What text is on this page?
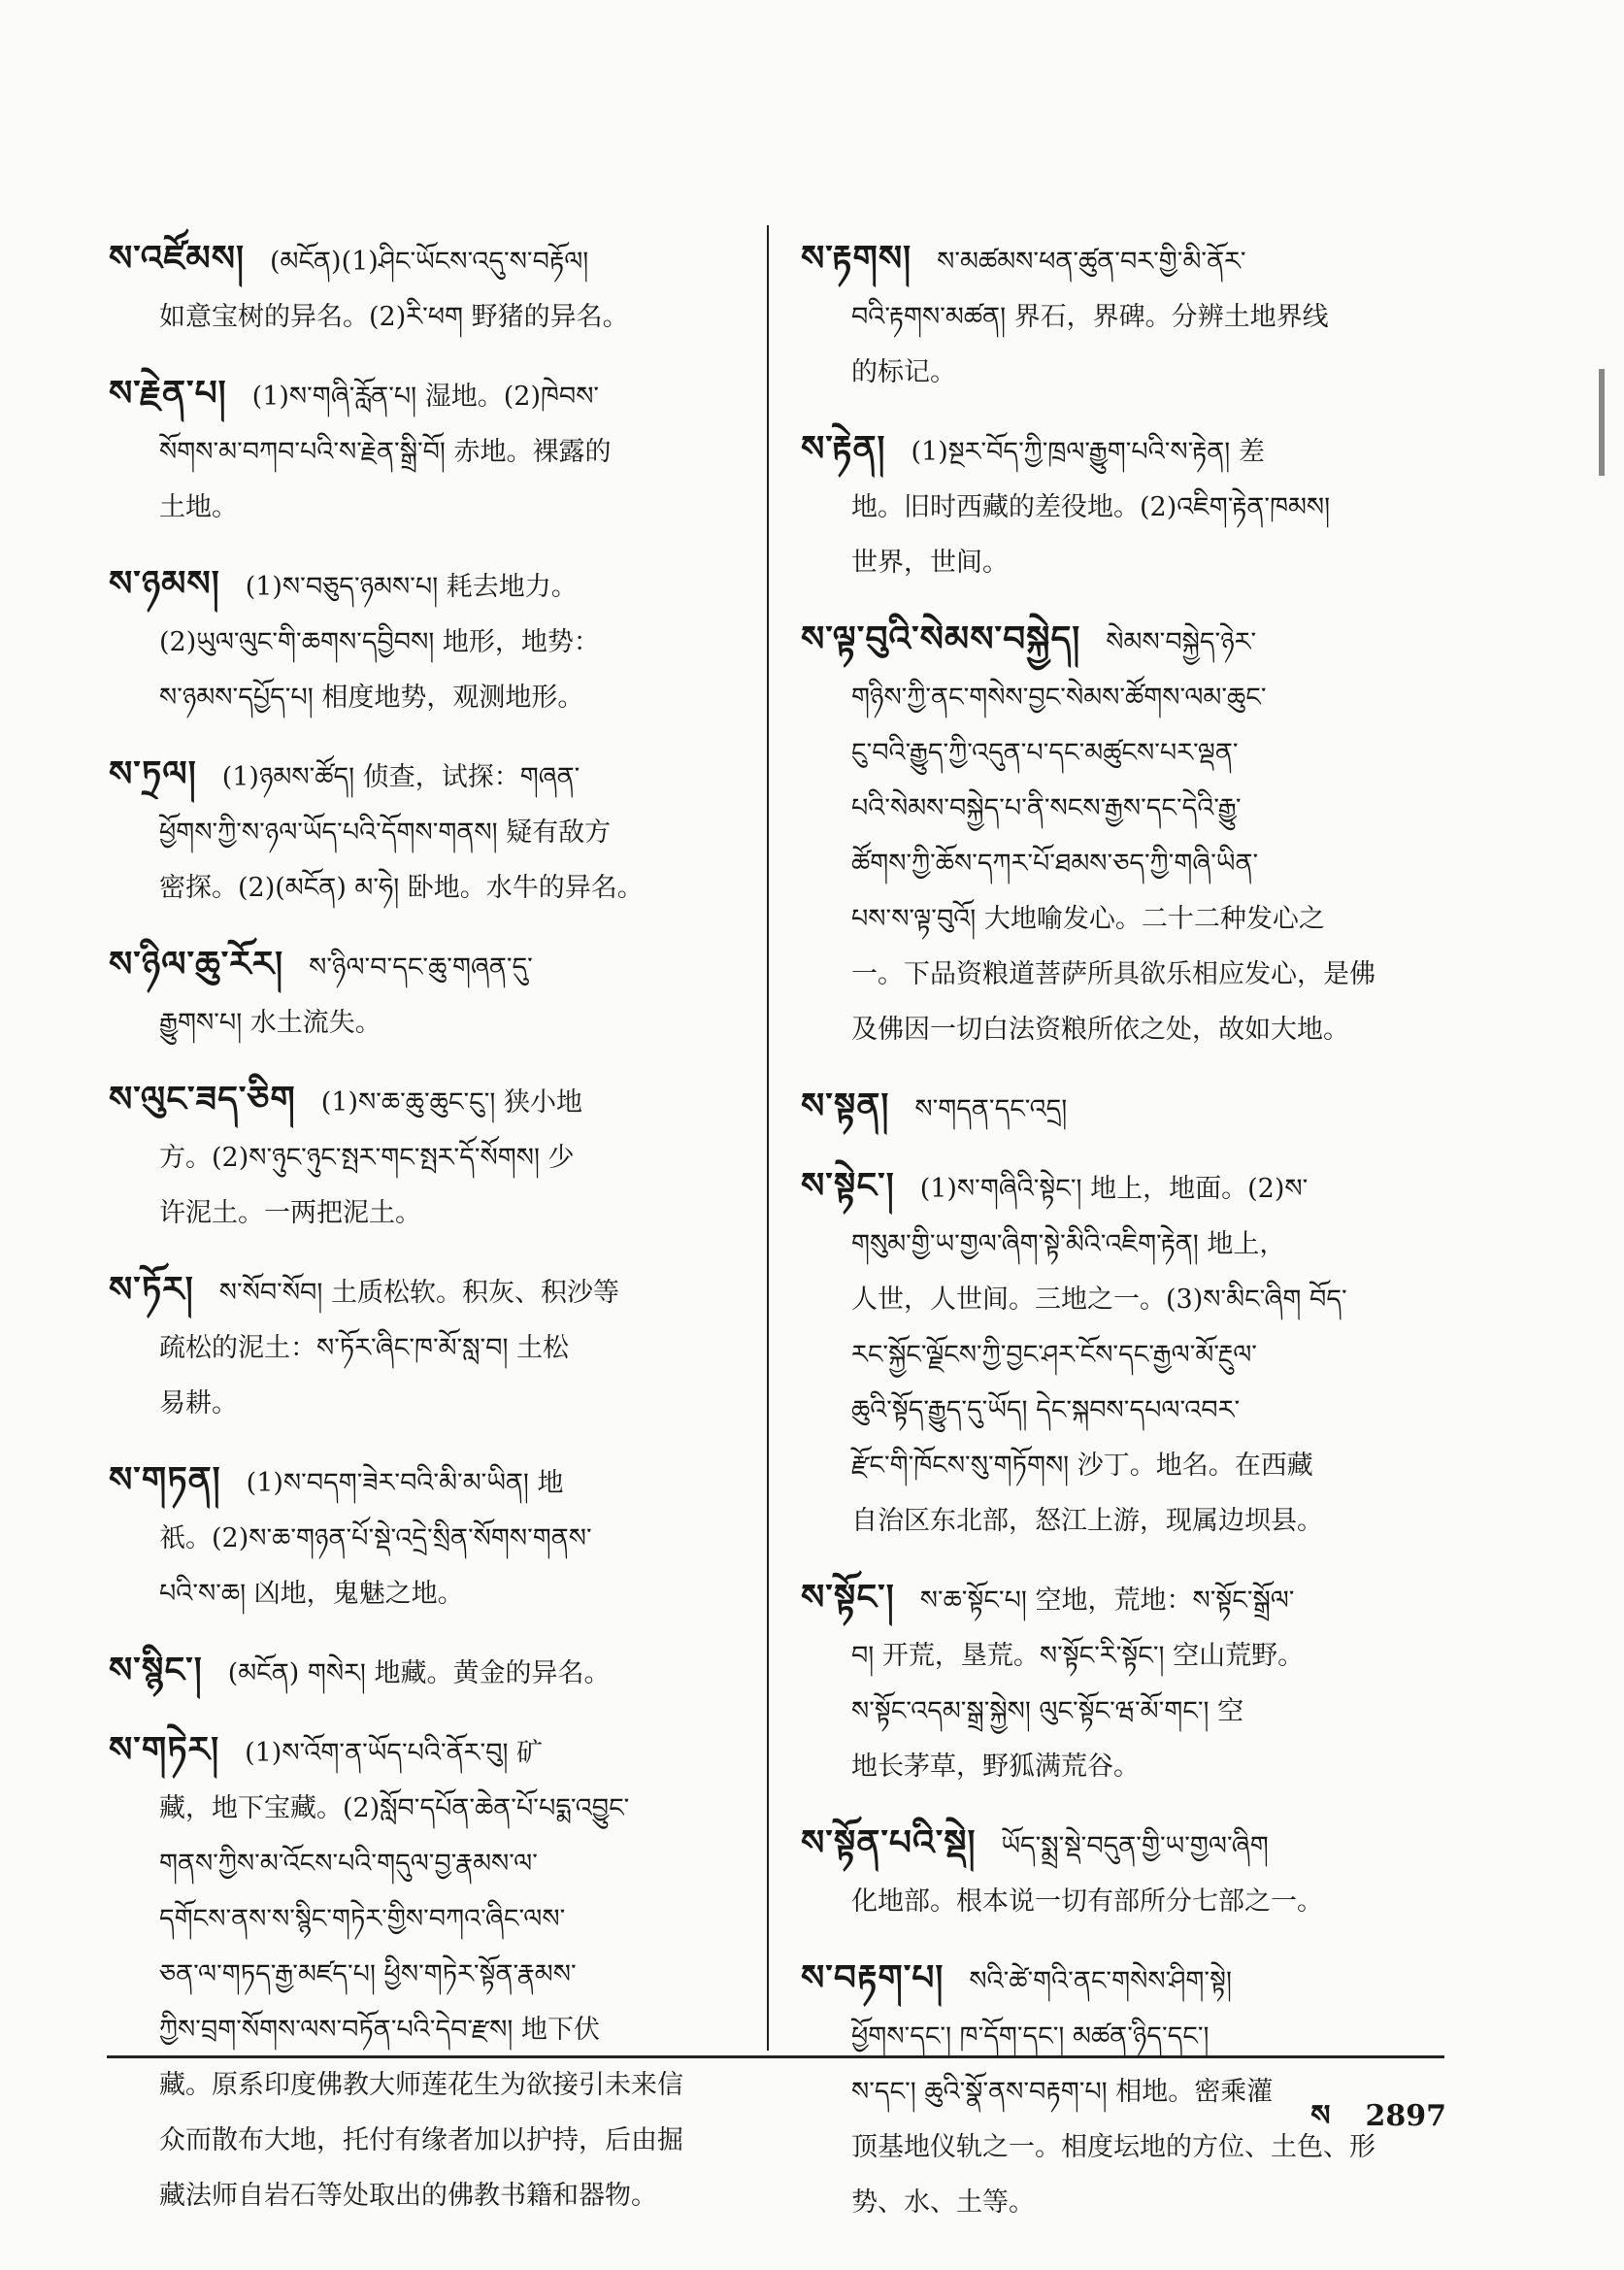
ས་འཛོམས། (མངོན)(1)ཤིང་ཡོངས་འདུ་ས་བརྟོལ།

如意宝树的异名。(2)རི་ཕག 野猪的异名。

ས་རྗེན་པ། (1)ས་གཞི་རློན་པ། 湿地。(2)ཁེབས་

སོགས་མ་བཀབ་པའི་ས་རྗེན་སྒྲི་བོ། 赤地。裸露的

土地。

ས་ཉམས། (1)ས་བཅུད་ཉམས་པ། 耗去地力。

(2)ཡུལ་ལུང་གི་ཆགས་དབྱིབས། 地形，地势：

ས་ཉམས་དཔྱོད་པ། 相度地势，观测地形。

ས་ཏྲལ། (1)ཉམས་ཚོད། 侦查，试探：གཞན་

ཕྱོགས་ཀྱི་ས་ཉལ་ཡོད་པའི་དོགས་གནས། 疑有敌方

密探。(2)(མངོན) མ་ཧེ། 卧地。水牛的异名。

ས་ཉིལ་ཆུ་རོར། ས་ཉིལ་བ་དང་ཆུ་གཞན་དུ་

རྒྱུགས་པ། 水土流失。

ས་ལུང་ཟད་ཅིག (1)ས་ཆ་ཆུ་ཆུང་ངུ་། 狭小地

方。(2)ས་ཉུང་ཉུང་སྤར་གང་སྤར་དོ་སོགས། 少

许泥土。一两把泥土。

ས་ཏོར། ས་སོབ་སོབ། 土质松软。积灰、积沙等

疏松的泥土：ས་ཏོར་ཞིང་ཁ་མོ་སླ་བ། 土松

易耕。

ས་གཏན། (1)ས་བདག་ཟེར་བའི་མི་མ་ཡིན། 地

祇。(2)ས་ཆ་གཉན་པོ་སྡེ་འདྲེ་སྲིན་སོགས་གནས་

པའི་ས་ཆ། 凶地，鬼魅之地。

ས་སྙིང་། (མངོན) གསེར། 地藏。黄金的异名。

ས་གཏེར། (1)ས་འོག་ན་ཡོད་པའི་ནོར་བུ། 矿

藏，地下宝藏。(2)སློབ་དཔོན་ཆེན་པོ་པདྨ་འབྱུང་

གནས་ཀྱིས་མ་འོངས་པའི་གདུལ་བྱ་རྣམས་ལ་

དགོངས་ནས་ས་སྙིང་གཏེར་གྱིས་བཀའ་ཞིང་ལས་

ཅན་ལ་གཏད་རྒྱ་མཛད་པ། ཕྱིས་གཏེར་སྟོན་རྣམས་

ཀྱིས་བྲག་སོགས་ལས་བཏོན་པའི་དེབ་རྫས། 地下伏

藏。原系印度佛教大师莲花生为欲接引未来信

众而散布大地，托付有缘者加以护持，后由掘

藏法师自岩石等处取出的佛教书籍和器物。

ས་རྟགས། ས་མཚམས་ཕན་ཚུན་བར་གྱི་མི་ནོར་

བའི་རྟགས་མཚན། 界石，界碑。分辨土地界线

的标记。

ས་རྟེན། (1)སྔར་བོད་ཀྱི་ཁྲལ་རྒྱུག་པའི་ས་རྟེན། 差

地。旧时西藏的差役地。(2)འཇིག་རྟེན་ཁམས།

世界，世间。

ས་ལྟ་བུའི་སེམས་བསྐྱེད། སེམས་བསྐྱེད་ཉེར་

གཉིས་ཀྱི་ནང་གསེས་བྱང་སེམས་ཚོགས་ལམ་ཆུང་

ངུ་བའི་རྒྱུད་ཀྱི་འདུན་པ་དང་མཚུངས་པར་ལྡན་

པའི་སེམས་བསྐྱེད་པ་ནི་སངས་རྒྱས་དང་དེའི་རྒྱུ་

ཚོགས་ཀྱི་ཆོས་དཀར་པོ་ཐམས་ཅད་ཀྱི་གཞི་ཡིན་

པས་ས་ལྟ་བུའོ། 大地喻发心。二十二种发心之

一。下品资粮道菩萨所具欲乐相应发心，是佛

及佛因一切白法资粮所依之处，故如大地。

ས་སྟན། ས་གདན་དང་འདྲ།

ས་སྟེང་། (1)ས་གཞིའི་སྟེང་། 地上，地面。(2)ས་

གསུམ་གྱི་ཡ་གྱལ་ཞིག་སྟེ་མིའི་འཇིག་རྟེན། 地上，

人世，人世间。三地之一。(3)ས་མིང་ཞིག བོད་

རང་སྐྱོང་ལྗོངས་ཀྱི་བྱང་ཤར་ངོས་དང་རྒྱལ་མོ་རྔུལ་

ཆུའི་སྟོད་རྒྱུད་དུ་ཡོད། དེང་སྐབས་དཔལ་འབར་

རྫོང་གི་ཁོངས་སུ་གཏོགས། 沙丁。地名。在西藏

自治区东北部，怒江上游，现属边坝县。

ས་སྟོང་། ས་ཆ་སྟོང་པ། 空地，荒地：ས་སྟོང་སྒྲོལ་

བ། 开荒，垦荒。ས་སྟོང་རི་སྟོང་། 空山荒野。

ས་སྟོང་འདམ་སྒྲ་སྐྱེས། ལུང་སྟོང་ཝ་མོ་གང་། 空

地长茅草，野狐满荒谷。

ས་སྟོན་པའི་སྡེ། ཡོད་སྨྲ་སྡེ་བདུན་གྱི་ཡ་གྱལ་ཞིག

化地部。根本说一切有部所分七部之一。

ས་བརྟག་པ། སའི་ཚེ་གའི་ནང་གསེས་ཤིག་སྟེ།

ཕྱོགས་དང་། ཁ་དོག་དང་། མཚན་ཉིད་དང་།

ས་དང་། ཆུའི་སྣོ་ནས་བརྟག་པ། 相地。密乘灌

顶基地仪轨之一。相度坛地的方位、土色、形

势、水、土等。

ས 2897
